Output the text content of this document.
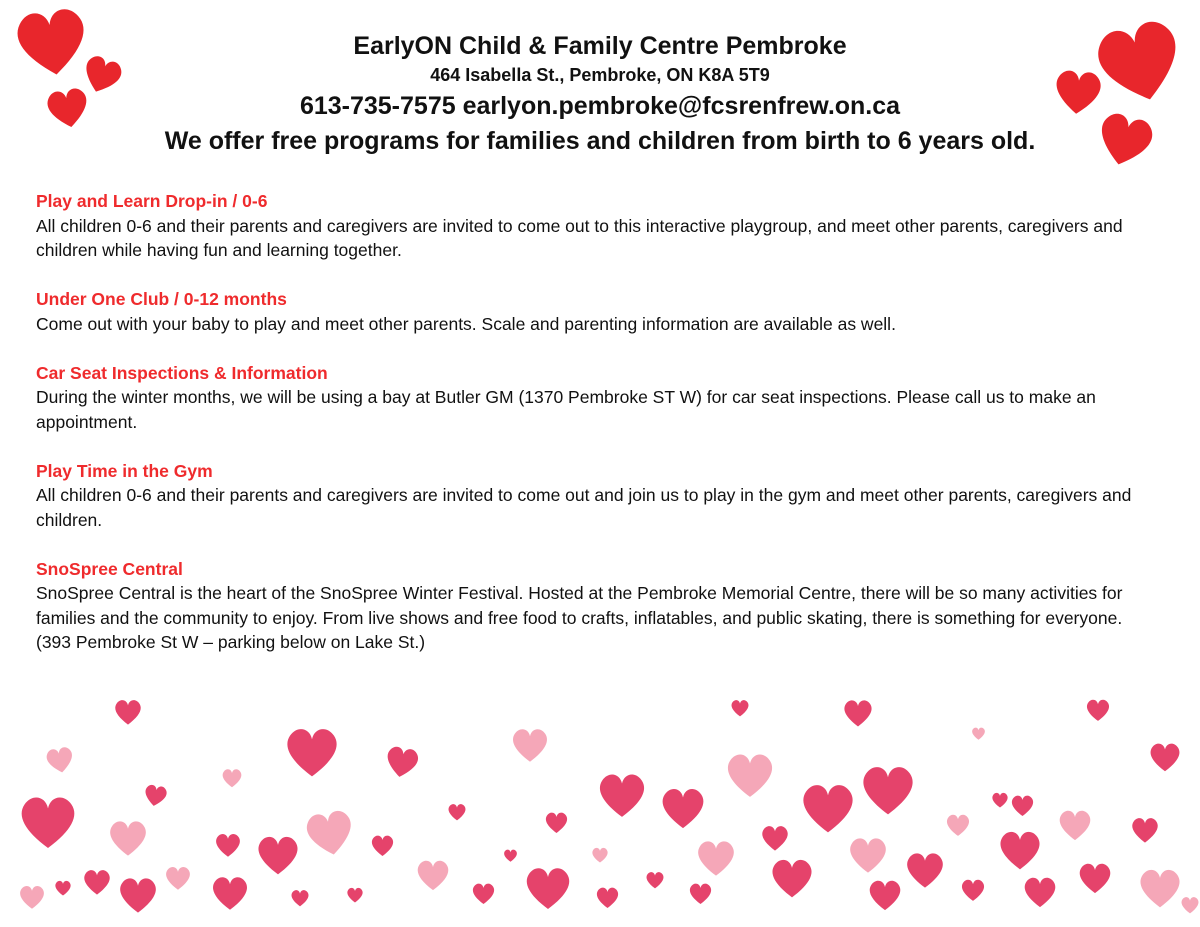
EarlyON Child & Family Centre Pembroke
464 Isabella St., Pembroke, ON K8A 5T9
613-735-7575 earlyon.pembroke@fcsrenfrew.on.ca
We offer free programs for families and children from birth to 6 years old.
Play and Learn Drop-in / 0-6
All children 0-6 and their parents and caregivers are invited to come out to this interactive playgroup, and meet other parents, caregivers and children while having fun and learning together.
Under One Club / 0-12 months
Come out with your baby to play and meet other parents. Scale and parenting information are available as well.
Car Seat Inspections & Information
During the winter months, we will be using a bay at Butler GM (1370 Pembroke ST W) for car seat inspections. Please call us to make an appointment.
Play Time in the Gym
All children 0-6 and their parents and caregivers are invited to come out and join us to play in the gym and meet other parents, caregivers and children.
SnoSpree Central
SnoSpree Central is the heart of the SnoSpree Winter Festival. Hosted at the Pembroke Memorial Centre, there will be so many activities for families and the community to enjoy. From live shows and free food to crafts, inflatables, and public skating, there is something for everyone.
(393 Pembroke St W – parking below on Lake St.)
